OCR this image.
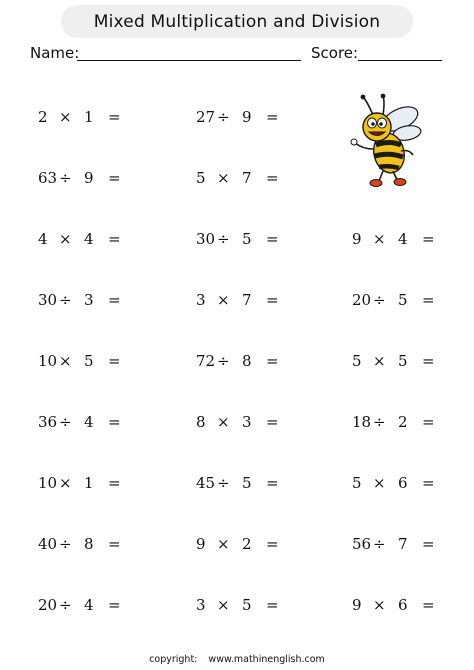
Mixed Multiplication and Division
Name:	Score:
2 × 1 =	27 ÷ 9 =
63 ÷ 9 =	5 × 7 =
4 × 4 =	30 ÷ 5 =	9 × 4 =
30 ÷ 3 =	3 × 7 =	20 ÷ 5 =
10 × 5 =	72 ÷ 8 =	5 × 5 =
36 ÷ 4 =	8 × 3 =	18 ÷ 2 =
10 × 1 =	45 ÷ 5 =	5 × 6 =
40 ÷ 8 =	9 × 2 =	56 ÷ 7 =
20 ÷ 4 =	3 × 5 =	9 × 6 =
copyright: www.mathinenglish.com
